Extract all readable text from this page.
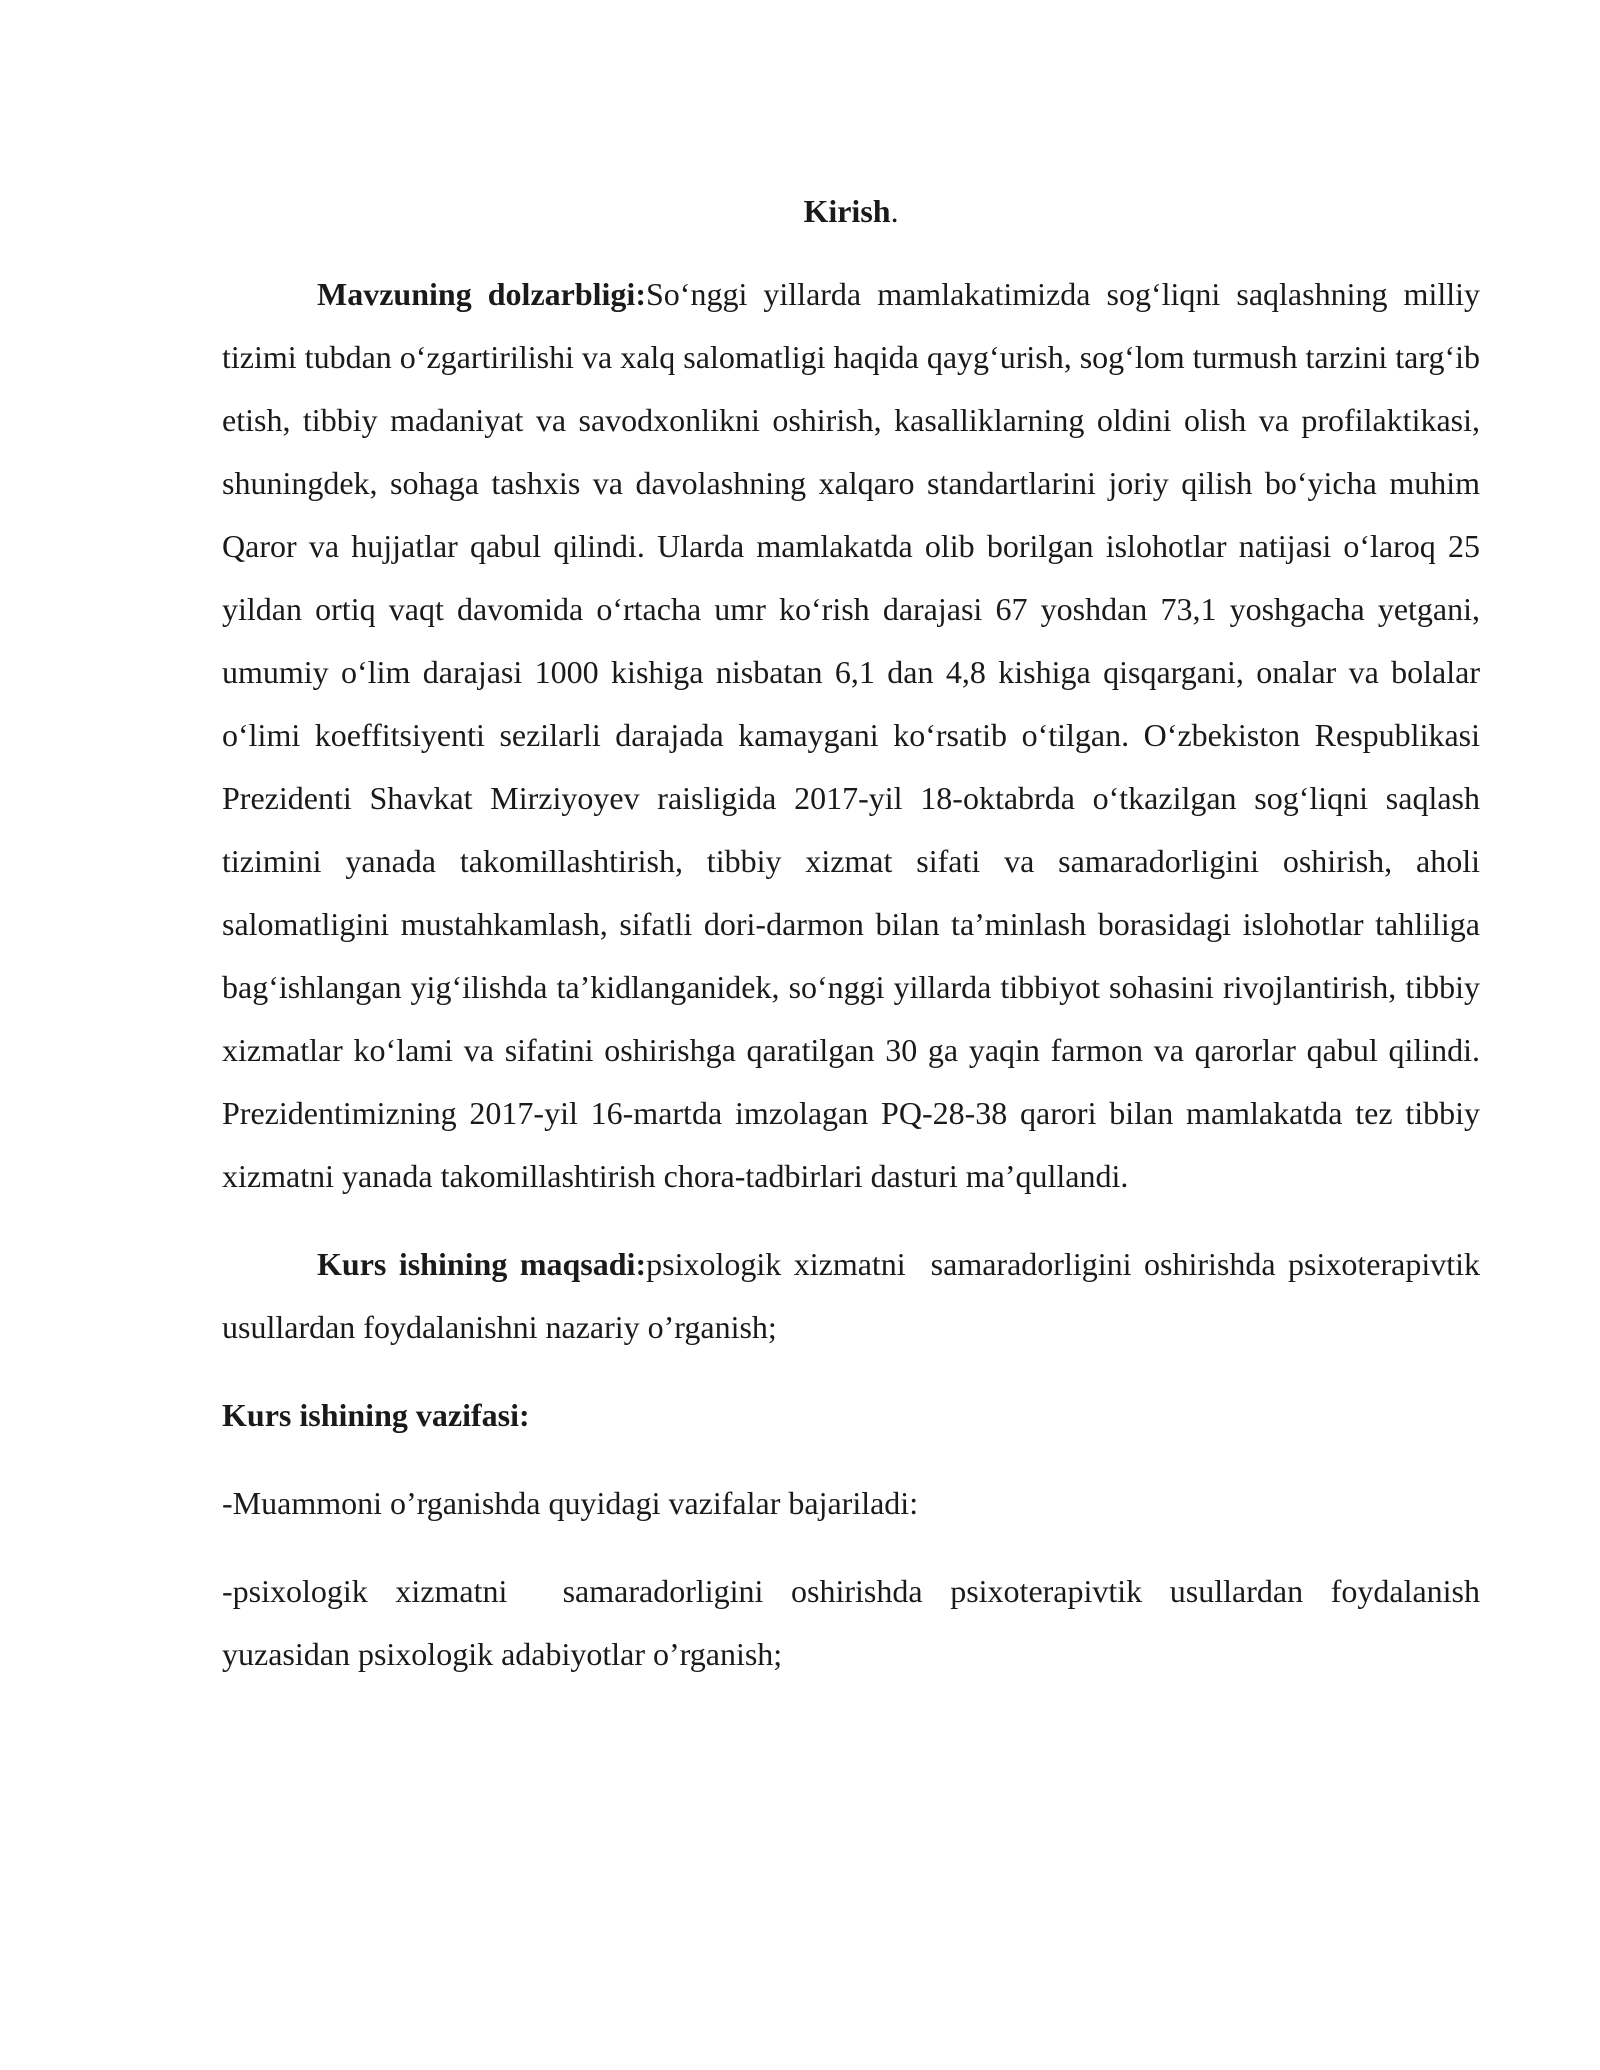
Kirish.

Mavzuning dolzarbligi:So‘nggi yillarda mamlakatimizda sog‘liqni saqlashning milliy tizimi tubdan o‘zgartirilishi va xalq salomatligi haqida qayg‘urish, sog‘lom turmush tarzini targ‘ib etish, tibbiy madaniyat va savodxonlikni oshirish, kasalliklarning oldini olish va profilaktikasi, shuningdek, sohaga tashxis va davolashning xalqaro standartlarini joriy qilish bo‘yicha muhim Qaror va hujjatlar qabul qilindi. Ularda mamlakatda olib borilgan islohotlar natijasi o‘laroq 25 yildan ortiq vaqt davomida o‘rtacha umr ko‘rish darajasi 67 yoshdan 73,1 yoshgacha yetgani, umumiy o‘lim darajasi 1000 kishiga nisbatan 6,1 dan 4,8 kishiga qisqargani, onalar va bolalar o‘limi koeffitsiyenti sezilarli darajada kamaygani ko‘rsatib o‘tilgan. O‘zbekiston Respublikasi Prezidenti Shavkat Mirziyoyev raisligida 2017-yil 18-oktabrda o‘tkazilgan sog‘liqni saqlash tizimini yanada takomillashtirish, tibbiy xizmat sifati va samaradorligini oshirish, aholi salomatligini mustahkamlash, sifatli dori-darmon bilan ta’minlash borasidagi islohotlar tahliliga bag‘ishlangan yig‘ilishda ta’kidlanganidek, so‘nggi yillarda tibbiyot sohasini rivojlantirish, tibbiy xizmatlar ko‘lami va sifatini oshirishga qaratilgan 30 ga yaqin farmon va qarorlar qabul qilindi. Prezidentimizning 2017-yil 16-martda imzolagan PQ-28-38 qarori bilan mamlakatda tez tibbiy xizmatni yanada takomillashtirish chora-tadbirlari dasturi ma’qullandi.

Kurs ishining maqsadi:psixologik xizmatni  samaradorligini oshirishda psixoterapivtik usullardan foydalanishni nazariy o’rganish;

Kurs ishining vazifasi:

-Muammoni o’rganishda quyidagi vazifalar bajariladi:

-psixologik xizmatni  samaradorligini oshirishda psixoterapivtik usullardan foydalanish  yuzasidan psixologik adabiyotlar o’rganish;
